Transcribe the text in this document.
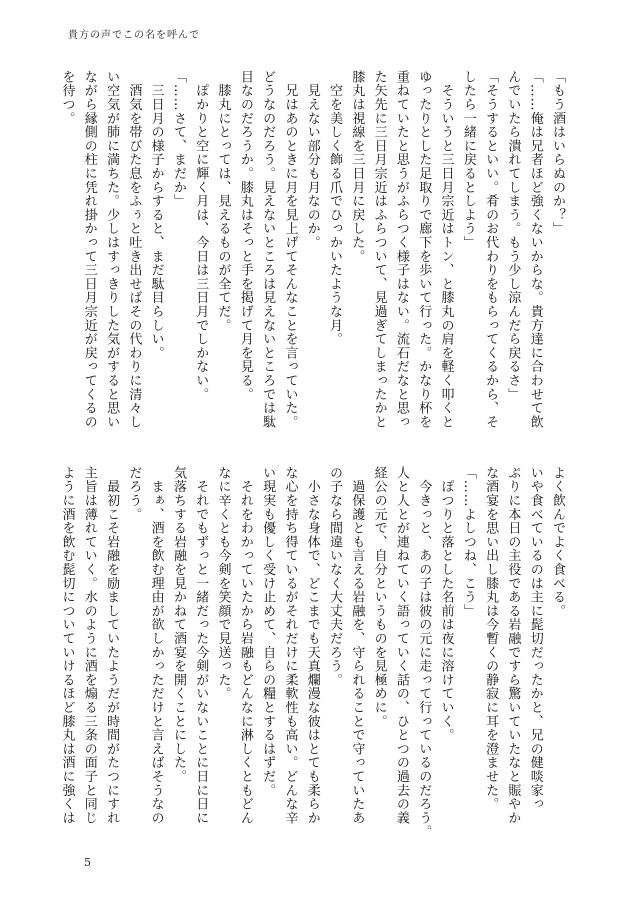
貴方の声でこの名を呼んで
「もう酒はいらぬのか？」
「……俺は兄者ほど強くないからな。貴方達に合わせて飲
んでいたら潰れてしまう。もう少し涼んだら戻るさ」
「そうするといい。肴のお代わりをもらってくるから、そ
したら一緒に戻るとしよう」
　そういうと三日月宗近はトン、と膝丸の肩を軽く叩くと
ゆったりとした足取りで廊下を歩いて行った。かなり杯を
重ねていたと思うがふらつく様子はない。流石だなと思っ
た矢先に三日月宗近はふらついて、見過ぎてしまったかと
膝丸は視線を三日月に戻した。
　空を美しく飾る爪でひっかいたような月。
　見えない部分も月なのか。
　兄はあのときに月を見上げてそんなことを言っていた。
どうなのだろう。見えないところは見えないところでは駄
目なのだろうか。膝丸はそっと手を掲げて月を見る。
　膝丸にとっては、見えるものが全てだ。
　ぽかりと空に輝く月は、今日は三日月でしかない。
「……さて、まだか」
　三日月の様子からすると、まだ駄目らしい。
　酒気を帯びた息をふぅと吐き出せばその代わりに清々し
い空気が肺に満ちた。少しはすっきりした気がすると思い
ながら縁側の柱に凭れ掛かって三日月宗近が戻ってくるの
を待つ。
よく飲んでよく食べる。
いや食べているのは主に髭切だったかと、兄の健啖家っ
ぷりに本日の主役である岩融ですら驚いていたなと賑やか
な酒宴を思い出し膝丸は今暫くの静寂に耳を澄ませた。
「……よしつね、こう」
　ぽつりと落とした名前は夜に溶けていく。
　今きっと、あの子は彼の元に走って行っているのだろう。
人と人とが連ねていく語っていく話の、ひとつの過去の義
経公の元で、自分というものを見極めに。
　過保護とも言える岩融を、守られることで守っていたあ
の子なら間違いなく大丈夫だろう。
　小さな身体で、どこまでも天真爛漫な彼はとても柔らか
な心を持ち得ているがそれだけに柔軟性も高い。どんな辛
い現実も優しく受け止めて、自らの糧とするはずだ。
　それをわかっていたから岩融もどんなに淋しくともどん
なに辛くとも今剣を笑顔で見送った。
　それでもずっと一緒だった今剣がいないことに日に日に
気落ちする岩融を見かねて酒宴を開くことにした。
　まぁ、酒を飲む理由が欲しかっただけと言えばそうなの
だろう。
　最初こそ岩融を励ましていたようだが時間がたつにすれ
主旨は薄れていく。水のように酒を煽る三条の面子と同じ
ように酒を飲む髭切についていけるほど膝丸は酒に強くは
5
